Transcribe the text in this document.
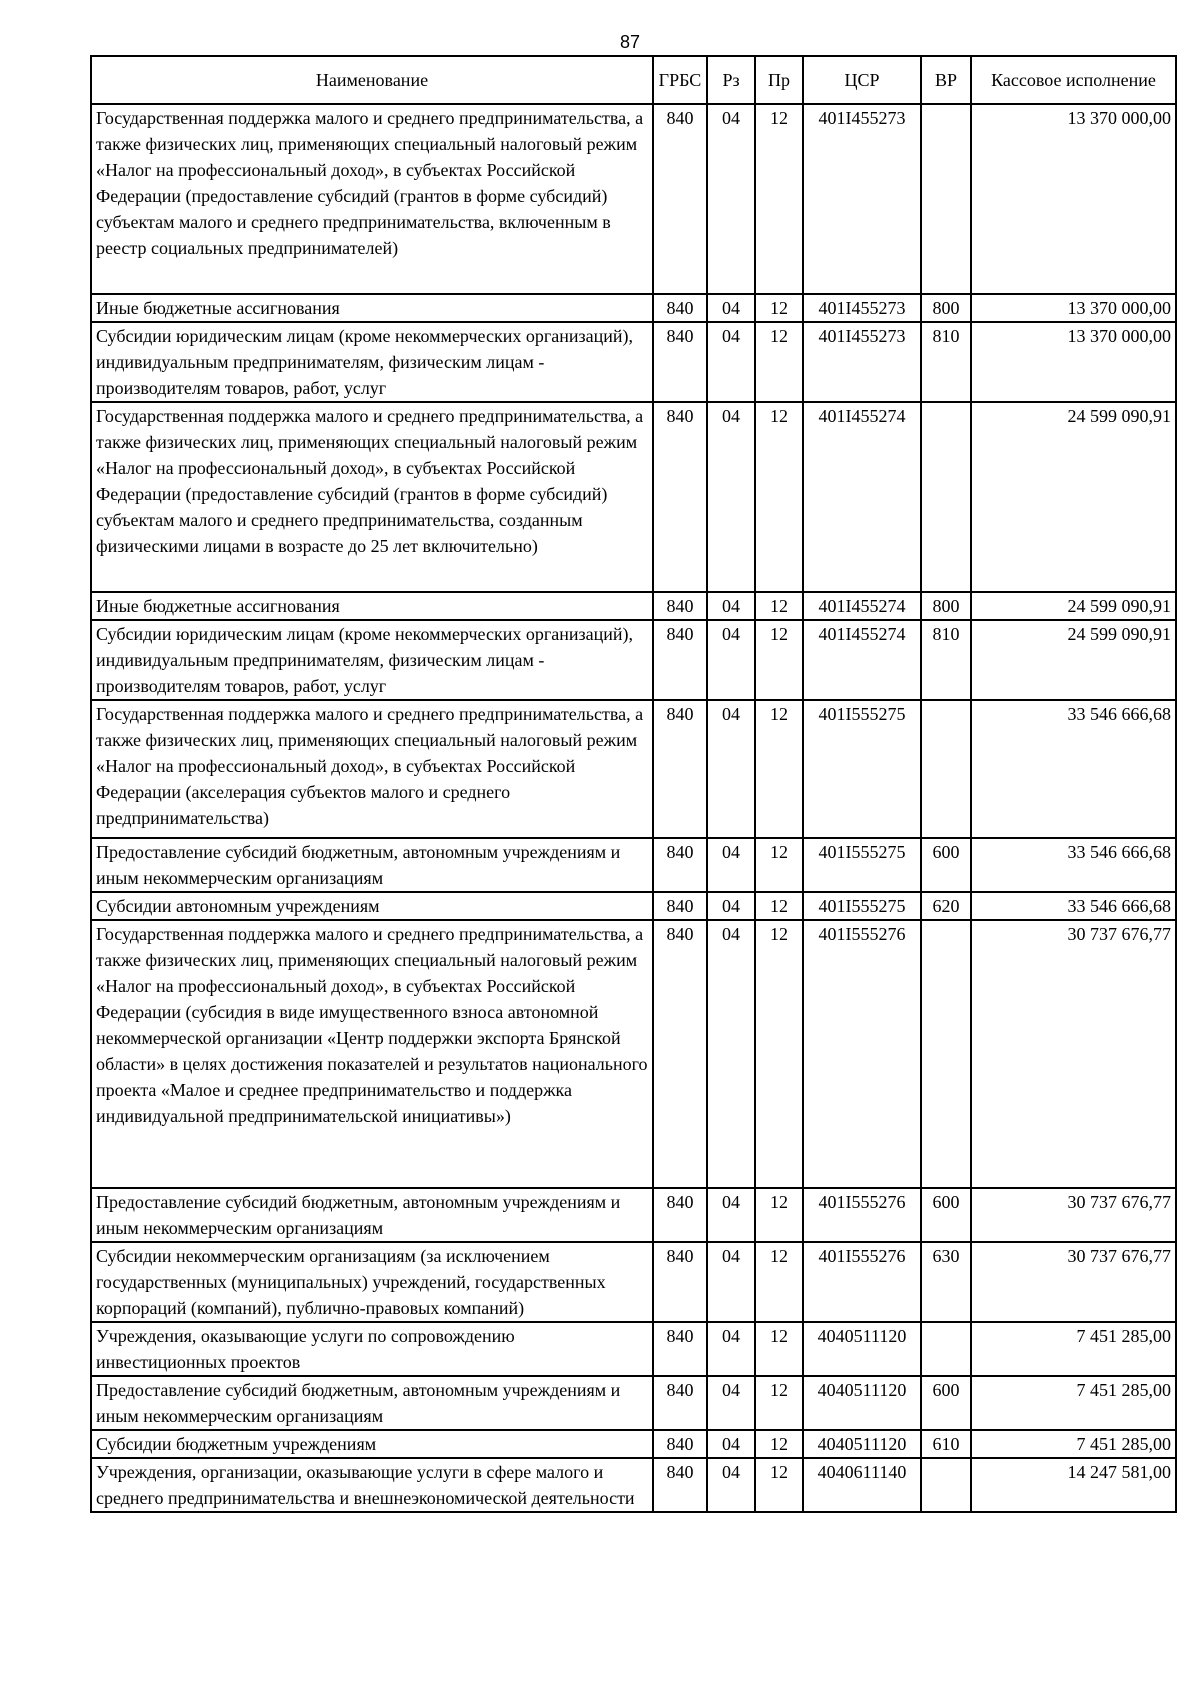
87
Наименование	ГРБС	Рз	Пр	ЦСР	ВР	Кассовое исполнение
Государственная поддержка малого и среднего предпринимательства, а также физических лиц, применяющих специальный налоговый режим «Налог на профессиональный доход», в субъектах Российской Федерации (предоставление субсидий (грантов в форме субсидий) субъектам малого и среднего предпринимательства, включенным в реестр социальных предпринимателей)	840	04	12	401I455273		13 370 000,00
Иные бюджетные ассигнования	840	04	12	401I455273	800	13 370 000,00
Субсидии юридическим лицам (кроме некоммерческих организаций), индивидуальным предпринимателям, физическим лицам - производителям товаров, работ, услуг	840	04	12	401I455273	810	13 370 000,00
Государственная поддержка малого и среднего предпринимательства, а также физических лиц, применяющих специальный налоговый режим «Налог на профессиональный доход», в субъектах Российской Федерации (предоставление субсидий (грантов в форме субсидий) субъектам малого и среднего предпринимательства, созданным физическими лицами в возрасте до 25 лет включительно)	840	04	12	401I455274		24 599 090,91
Иные бюджетные ассигнования	840	04	12	401I455274	800	24 599 090,91
Субсидии юридическим лицам (кроме некоммерческих организаций), индивидуальным предпринимателям, физическим лицам - производителям товаров, работ, услуг	840	04	12	401I455274	810	24 599 090,91
Государственная поддержка малого и среднего предпринимательства, а также физических лиц, применяющих специальный налоговый режим «Налог на профессиональный доход», в субъектах Российской Федерации (акселерация субъектов малого и среднего предпринимательства)	840	04	12	401I555275		33 546 666,68
Предоставление субсидий бюджетным, автономным учреждениям и иным некоммерческим организациям	840	04	12	401I555275	600	33 546 666,68
Субсидии автономным учреждениям	840	04	12	401I555275	620	33 546 666,68
Государственная поддержка малого и среднего предпринимательства, а также физических лиц, применяющих специальный налоговый режим «Налог на профессиональный доход», в субъектах Российской Федерации (субсидия в виде имущественного взноса автономной некоммерческой организации «Центр поддержки экспорта Брянской области» в целях достижения показателей и результатов национального проекта «Малое и среднее предпринимательство и поддержка индивидуальной предпринимательской инициативы»)	840	04	12	401I555276		30 737 676,77
Предоставление субсидий бюджетным, автономным учреждениям и иным некоммерческим организациям	840	04	12	401I555276	600	30 737 676,77
Субсидии некоммерческим организациям (за исключением государственных (муниципальных) учреждений, государственных корпораций (компаний), публично-правовых компаний)	840	04	12	401I555276	630	30 737 676,77
Учреждения, оказывающие услуги по сопровождению инвестиционных проектов	840	04	12	4040511120		7 451 285,00
Предоставление субсидий бюджетным, автономным учреждениям и иным некоммерческим организациям	840	04	12	4040511120	600	7 451 285,00
Субсидии бюджетным учреждениям	840	04	12	4040511120	610	7 451 285,00
Учреждения, организации, оказывающие услуги в сфере малого и среднего предпринимательства и внешнеэкономической деятельности	840	04	12	4040611140		14 247 581,00
